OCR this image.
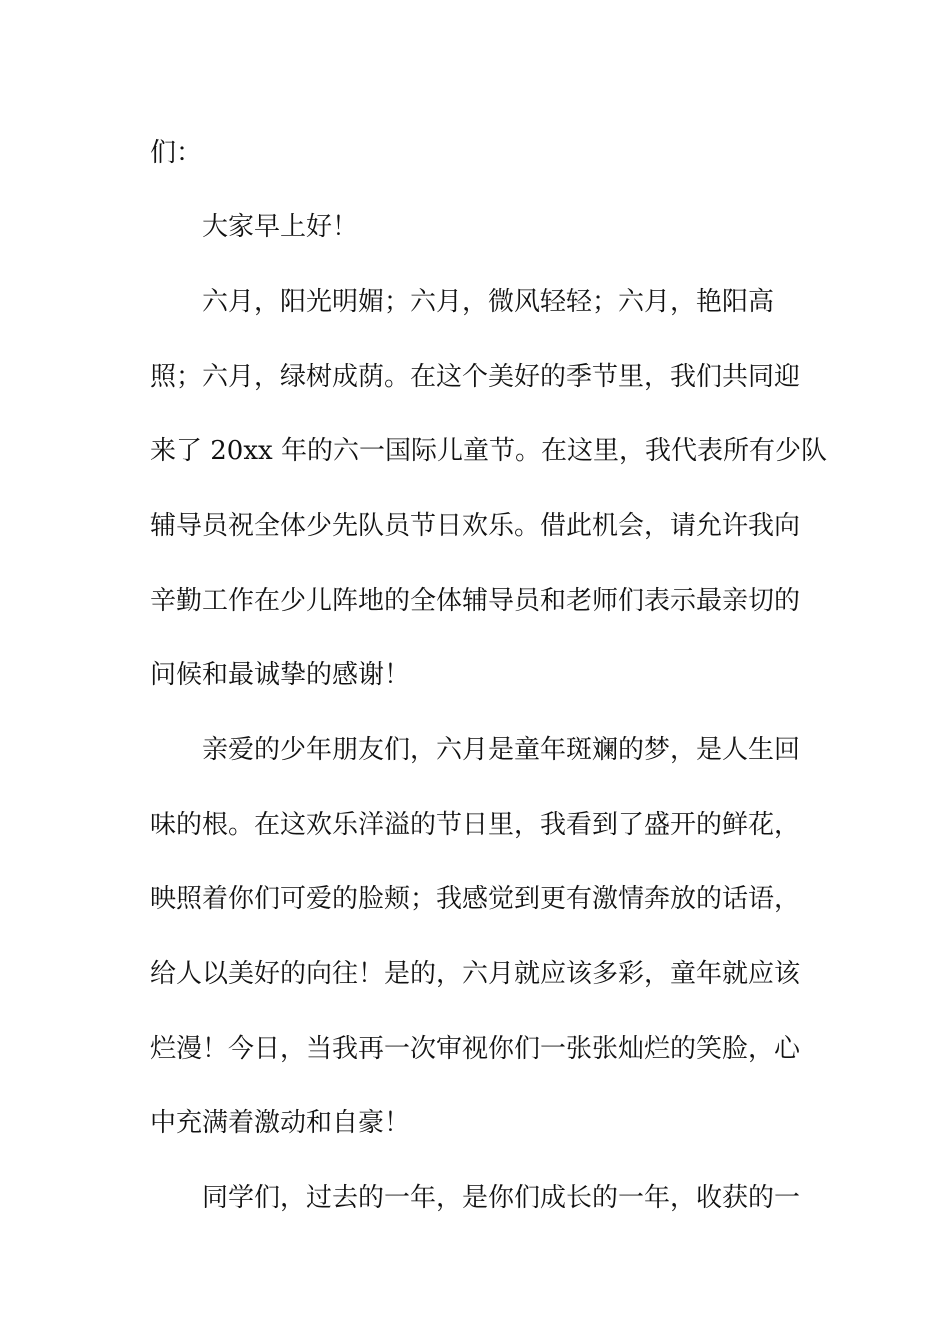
们：

大家早上好！

六月，阳光明媚；六月，微风轻轻；六月，艳阳高

照；六月，绿树成荫。在这个美好的季节里，我们共同迎

来了 20xx 年的六一国际儿童节。在这里，我代表所有少队

辅导员祝全体少先队员节日欢乐。借此机会，请允许我向

辛勤工作在少儿阵地的全体辅导员和老师们表示最亲切的

问候和最诚挚的感谢！

亲爱的少年朋友们，六月是童年斑斓的梦，是人生回

味的根。在这欢乐洋溢的节日里，我看到了盛开的鲜花，

映照着你们可爱的脸颊；我感觉到更有激情奔放的话语，

给人以美好的向往！是的，六月就应该多彩，童年就应该

烂漫！今日，当我再一次审视你们一张张灿烂的笑脸，心

中充满着激动和自豪！

同学们，过去的一年，是你们成长的一年，收获的一
